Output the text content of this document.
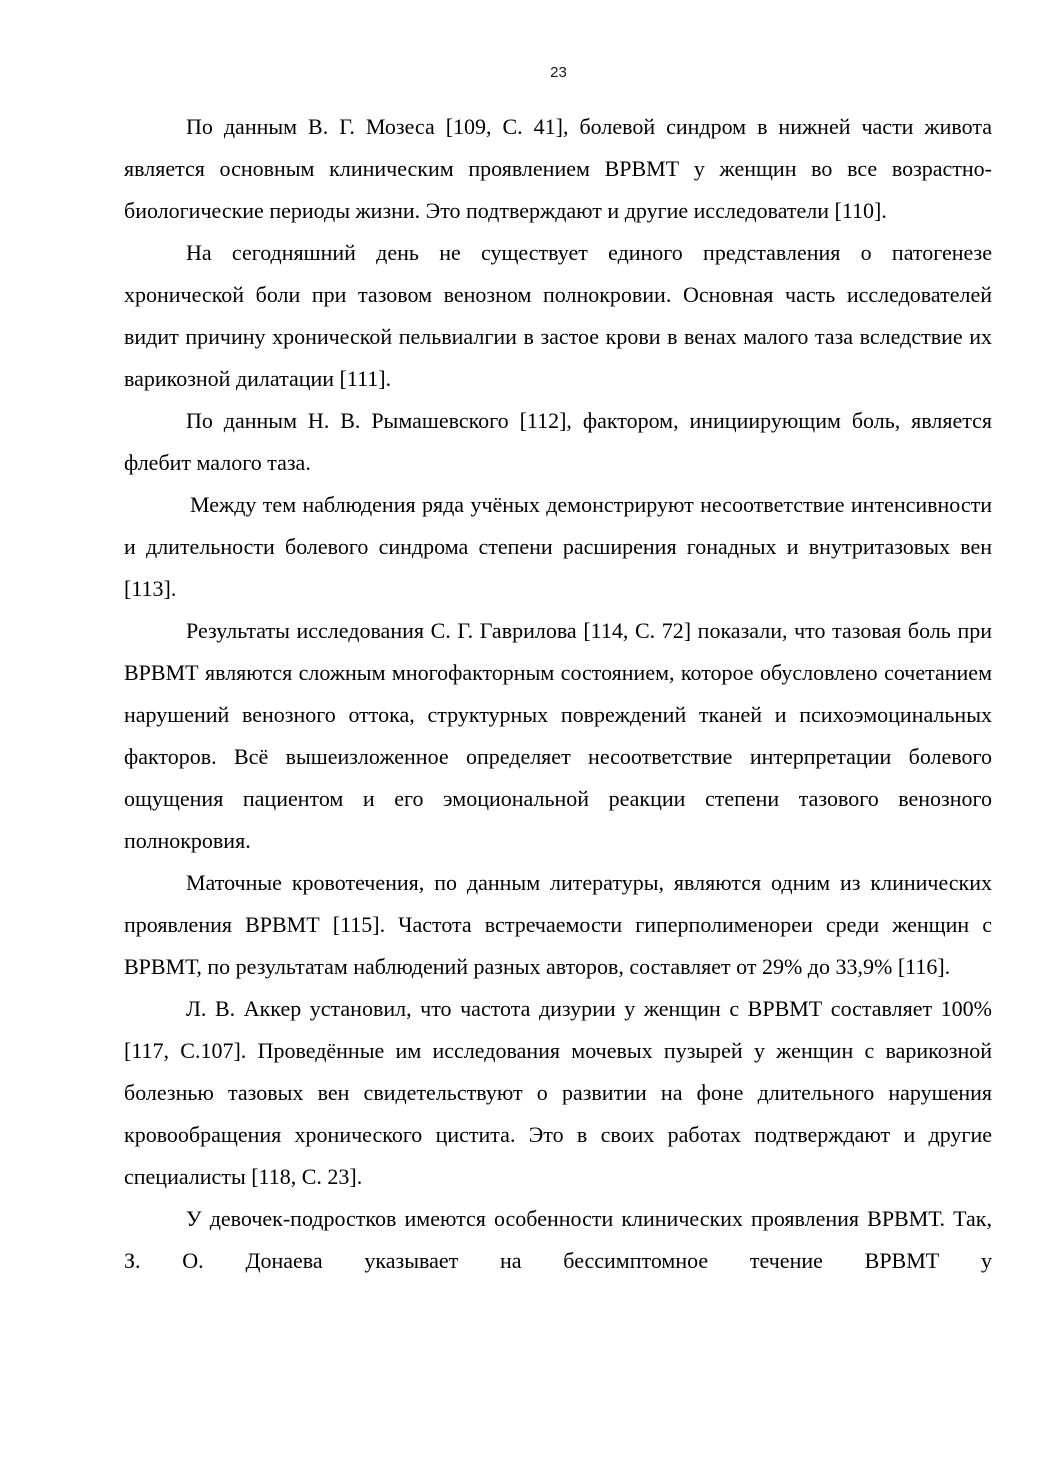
23

По данным В. Г. Мозеса [109, С. 41], болевой синдром в нижней части живота является основным клиническим проявлением ВРВМТ у женщин во все возрастно-биологические периоды жизни. Это подтверждают и другие исследователи [110].

На сегодняшний день не существует единого представления о патогенезе хронической боли при тазовом венозном полнокровии. Основная часть исследователей видит причину хронической пельвиалгии в застое крови в венах малого таза вследствие их варикозной дилатации [111].

По данным Н. В. Рымашевского [112], фактором, инициирующим боль, является флебит малого таза.

Между тем наблюдения ряда учёных демонстрируют несоответствие интенсивности и длительности болевого синдрома степени расширения гонадных и внутритазовых вен [113].

Результаты исследования С. Г. Гаврилова [114, С. 72] показали, что тазовая боль при ВРВМТ являются сложным многофакторным состоянием, которое обусловлено сочетанием нарушений венозного оттока, структурных повреждений тканей и психоэмоцинальных факторов. Всё вышеизложенное определяет несоответствие интерпретации болевого ощущения пациентом и его эмоциональной реакции степени тазового венозного полнокровия.

Маточные кровотечения, по данным литературы, являются одним из клинических проявления ВРВМТ [115]. Частота встречаемости гиперполименореи среди женщин с ВРВМТ, по результатам наблюдений разных авторов, составляет от 29% до 33,9% [116].

Л. В. Аккер установил, что частота дизурии у женщин с ВРВМТ составляет 100% [117, С.107]. Проведённые им исследования мочевых пузырей у женщин с варикозной болезнью тазовых вен свидетельствуют о развитии на фоне длительного нарушения кровообращения хронического цистита. Это в своих работах подтверждают и другие специалисты [118, С. 23].

У девочек-подростков имеются особенности клинических проявления ВРВМТ. Так, З. О. Донаева указывает на бессимптомное течение ВРВМТ у
